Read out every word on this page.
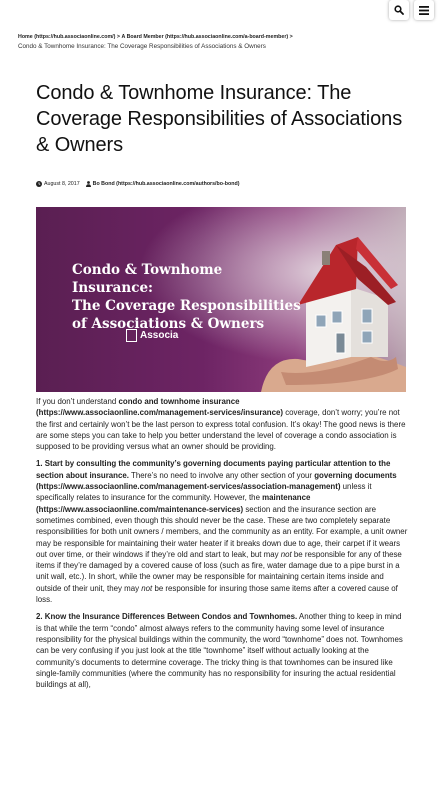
Home (https://hub.associaonline.com/) > A Board Member (https://hub.associaonline.com/a-board-member) >
Condo & Townhome Insurance: The Coverage Responsibilities of Associations & Owners
Condo & Townhome Insurance: The Coverage Responsibilities of Associations & Owners
August 8, 2017 Bo Bond (https://hub.associaonline.com/authors/bo-bond)
Condo & Townhome Insurance:
The Coverage Responsibilities
of Associations & Owners
Associa

If you don’t understand condo and townhome insurance (https://www.associaonline.com/management-services/insurance) coverage, don’t worry; you’re not the first and certainly won’t be the last person to express total confusion. It’s okay! The good news is there are some steps you can take to help you better understand the level of coverage a condo association is supposed to be providing versus what an owner should be providing.

1. Start by consulting the community’s governing documents paying particular attention to the section about insurance. There’s no need to involve any other section of your governing documents (https://www.associaonline.com/management-services/association-management) unless it specifically relates to insurance for the community. However, the maintenance (https://www.associaonline.com/maintenance-services) section and the insurance section are sometimes combined, even though this should never be the case. These are two completely separate responsibilities for both unit owners / members, and the community as an entity. For example, a unit owner may be responsible for maintaining their water heater if it breaks down due to age, their carpet if it wears out over time, or their windows if they’re old and start to leak, but may not be responsible for any of these items if they’re damaged by a covered cause of loss (such as fire, water damage due to a pipe burst in a unit wall, etc.). In short, while the owner may be responsible for maintaining certain items inside and outside of their unit, they may not be responsible for insuring those same items after a covered cause of loss.

2. Know the Insurance Differences Between Condos and Townhomes. Another thing to keep in mind is that while the term “condo” almost always refers to the community having some level of insurance responsibility for the physical buildings within the community, the word “townhome” does not. Townhomes can be very confusing if you just look at the title “townhome” itself without actually looking at the community’s documents to determine coverage. The tricky thing is that townhomes can be insured like single-family communities (where the community has no responsibility for insuring the actual residential buildings at all),
